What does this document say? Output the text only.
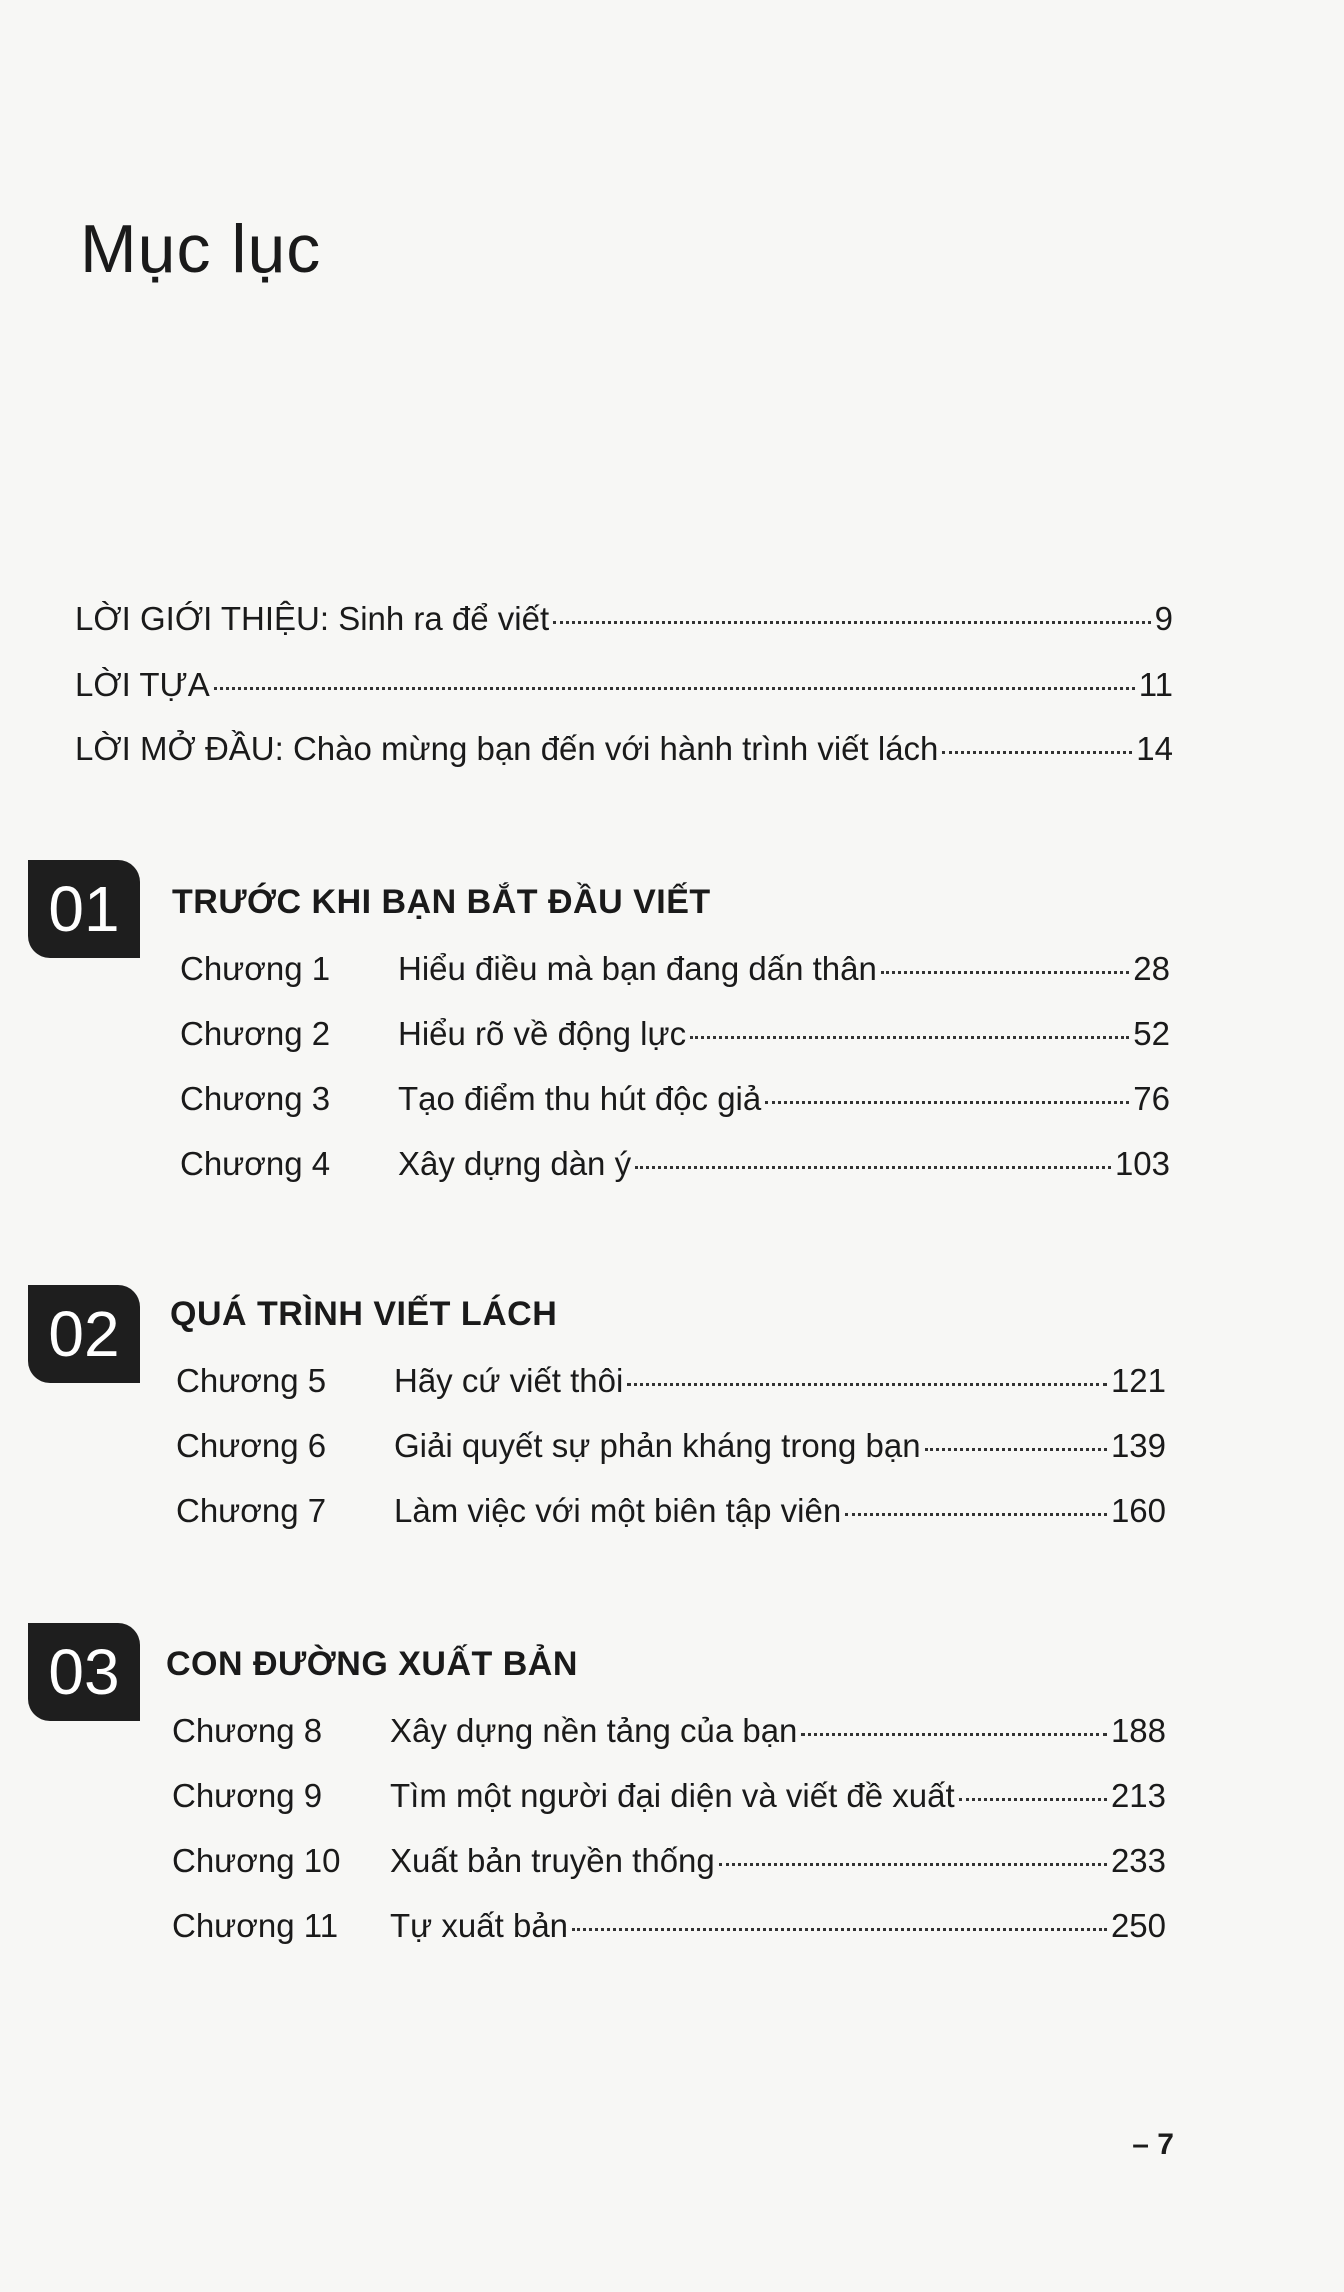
Mục lục
LỜI GIỚI THIỆU: Sinh ra để viết	9
LỜI TỰA	11
LỜI MỞ ĐẦU: Chào mừng bạn đến với hành trình viết lách	14
01	TRƯỚC KHI BẠN BẮT ĐẦU VIẾT
Chương 1	Hiểu điều mà bạn đang dấn thân	28
Chương 2	Hiểu rõ về động lực	52
Chương 3	Tạo điểm thu hút độc giả	76
Chương 4	Xây dựng dàn ý	103
02	QUÁ TRÌNH VIẾT LÁCH
Chương 5	Hãy cứ viết thôi	121
Chương 6	Giải quyết sự phản kháng trong bạn	139
Chương 7	Làm việc với một biên tập viên	160
03	CON ĐƯỜNG XUẤT BẢN
Chương 8	Xây dựng nền tảng của bạn	188
Chương 9	Tìm một người đại diện và viết đề xuất	213
Chương 10	Xuất bản truyền thống	233
Chương 11	Tự xuất bản	250
– 7
